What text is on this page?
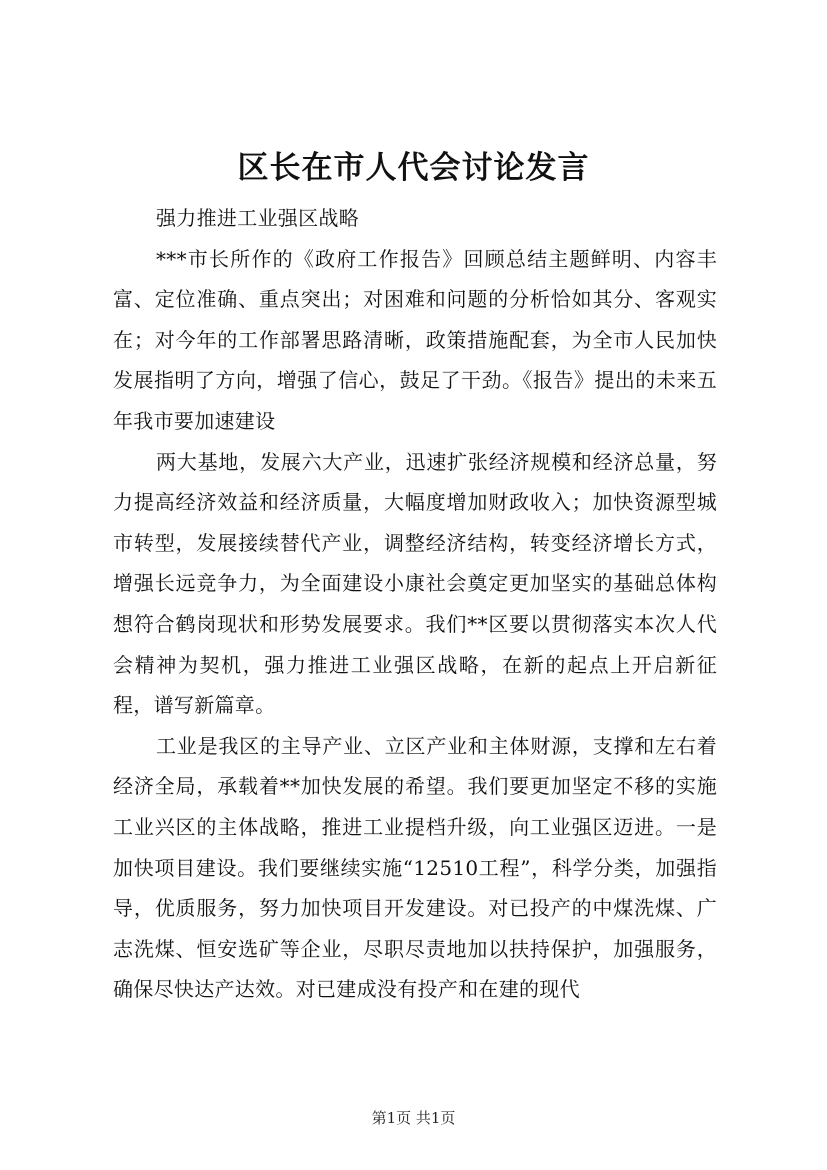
区长在市人代会讨论发言

强力推进工业强区战略

***市长所作的《政府工作报告》回顾总结主题鲜明、内容丰富、定位准确、重点突出；对困难和问题的分析恰如其分、客观实在；对今年的工作部署思路清晰，政策措施配套，为全市人民加快发展指明了方向，增强了信心，鼓足了干劲。《报告》提出的未来五年我市要加速建设

两大基地，发展六大产业，迅速扩张经济规模和经济总量，努力提高经济效益和经济质量，大幅度增加财政收入；加快资源型城市转型，发展接续替代产业，调整经济结构，转变经济增长方式，增强长远竞争力，为全面建设小康社会奠定更加坚实的基础总体构想符合鹤岗现状和形势发展要求。我们**区要以贯彻落实本次人代会精神为契机，强力推进工业强区战略，在新的起点上开启新征程，谱写新篇章。

工业是我区的主导产业、立区产业和主体财源，支撑和左右着经济全局，承载着**加快发展的希望。我们要更加坚定不移的实施工业兴区的主体战略，推进工业提档升级，向工业强区迈进。一是加快项目建设。我们要继续实施“12510工程”，科学分类，加强指导，优质服务，努力加快项目开发建设。对已投产的中煤洗煤、广志洗煤、恒安选矿等企业，尽职尽责地加以扶持保护，加强服务，确保尽快达产达效。对已建成没有投产和在建的现代

第1页 共1页
